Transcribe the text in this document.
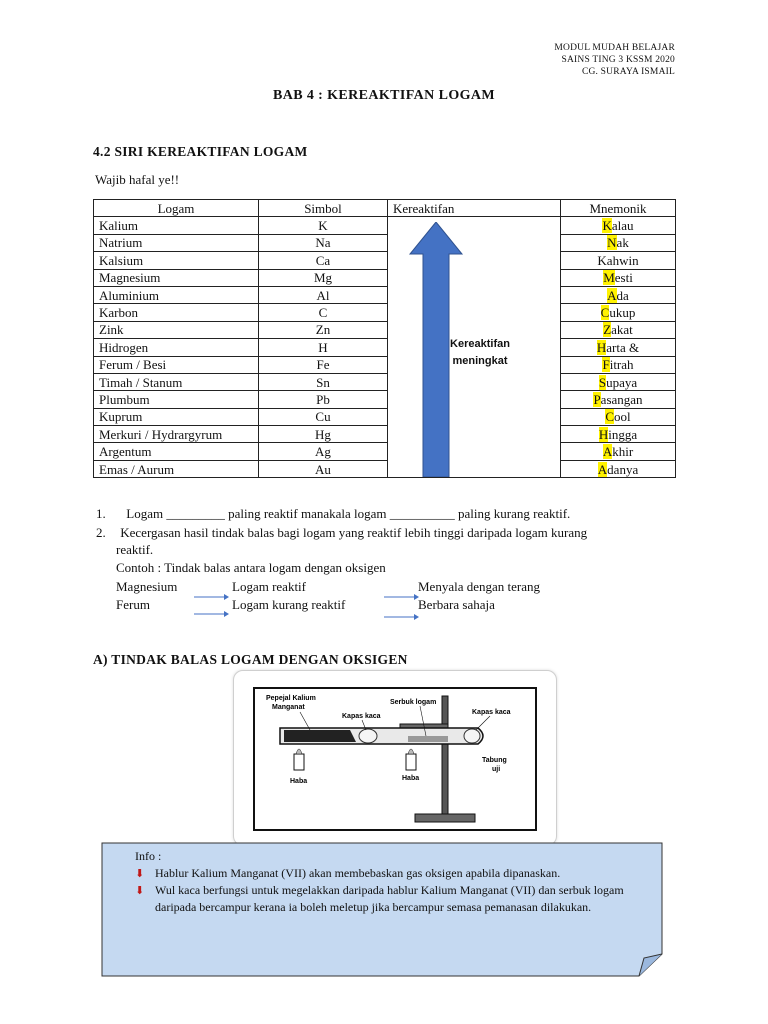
MODUL MUDAH BELAJAR
SAINS TING 3 KSSM 2020
CG. SURAYA ISMAIL
BAB 4 : KEREAKTIFAN LOGAM
4.2 SIRI KEREAKTIFAN LOGAM
Wajib hafal ye!!
Logam	Simbol	Kereaktifan	Mnemonik
Kalium	K		Kalau
Natrium	Na		Nak
Kalsium	Ca		Kahwin
Magnesium	Mg		Mesti
Aluminium	Al		Ada
Karbon	C		Cukup
Zink	Zn		Zakat
Hidrogen	H		Harta &
Ferum / Besi	Fe		Fitrah
Timah / Stanum	Sn		Supaya
Plumbum	Pb		Pasangan
Kuprum	Cu		Cool
Merkuri / Hydrargyrum	Hg		Hingga
Argentum	Ag		Akhir
Emas / Aurum	Au		Adanya
Kereaktifan
meningkat
1. Logam _________ paling reaktif manakala logam __________ paling kurang reaktif.
2. Kecergasan hasil tindak balas bagi logam yang reaktif lebih tinggi daripada logam kurang
reaktif.
Contoh : Tindak balas antara logam dengan oksigen
Magnesium	Logam reaktif	Menyala dengan terang
Ferum	Logam kurang reaktif	Berbara sahaja
A) TINDAK BALAS LOGAM DENGAN OKSIGEN
Pepejal Kalium
Manganat
Kapas kaca
Serbuk logam
Kapas kaca
Tabung
uji
Haba	Haba
Info :
⬇︎ Hablur Kalium Manganat (VII) akan membebaskan gas oksigen apabila dipanaskan.
⬇︎ Wul kaca berfungsi untuk megelakkan daripada hablur Kalium Manganat (VII) dan serbuk logam daripada bercampur kerana ia boleh meletup jika bercampur semasa pemanasan dilakukan.
